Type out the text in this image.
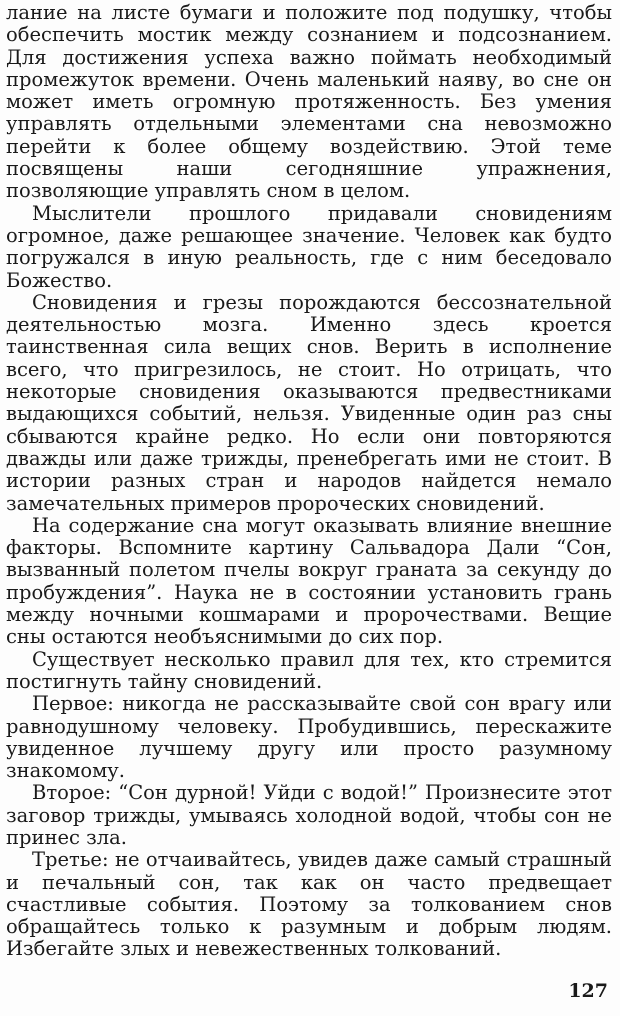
лание на листе бумаги и положите под подушку, чтобы обеспечить мостик между сознанием и подсознанием. Для достижения успеха важно поймать необходимый промежуток времени. Очень маленький наяву, во сне он может иметь огромную протяженность. Без умения управлять отдельными элементами сна невозможно перейти к более общему воздействию. Этой теме посвящены наши сегодняшние упражнения, позволяющие управлять сном в целом.

Мыслители прошлого придавали сновидениям огромное, даже решающее значение. Человек как будто погружался в иную реальность, где с ним беседовало Божество.

Сновидения и грезы порождаются бессознательной деятельностью мозга. Именно здесь кроется таинственная сила вещих снов. Верить в исполнение всего, что пригрезилось, не стоит. Но отрицать, что некоторые сновидения оказываются предвестниками выдающихся событий, нельзя. Увиденные один раз сны сбываются крайне редко. Но если они повторяются дважды или даже трижды, пренебрегать ими не стоит. В истории разных стран и народов найдется немало замечательных примеров пророческих сновидений.

На содержание сна могут оказывать влияние внешние факторы. Вспомните картину Сальвадора Дали “Сон, вызванный полетом пчелы вокруг граната за секунду до пробуждения”. Наука не в состоянии установить грань между ночными кошмарами и пророчествами. Вещие сны остаются необъяснимыми до сих пор.

Существует несколько правил для тех, кто стремится постигнуть тайну сновидений.

Первое: никогда не рассказывайте свой сон врагу или равнодушному человеку. Пробудившись, перескажите увиденное лучшему другу или просто разумному знакомому.

Второе: “Сон дурной! Уйди с водой!” Произнесите этот заговор трижды, умываясь холодной водой, чтобы сон не принес зла.

Третье: не отчаивайтесь, увидев даже самый страшный и печальный сон, так как он часто предвещает счастливые события. Поэтому за толкованием снов обращайтесь только к разумным и добрым людям. Избегайте злых и невежественных толкований.

127
